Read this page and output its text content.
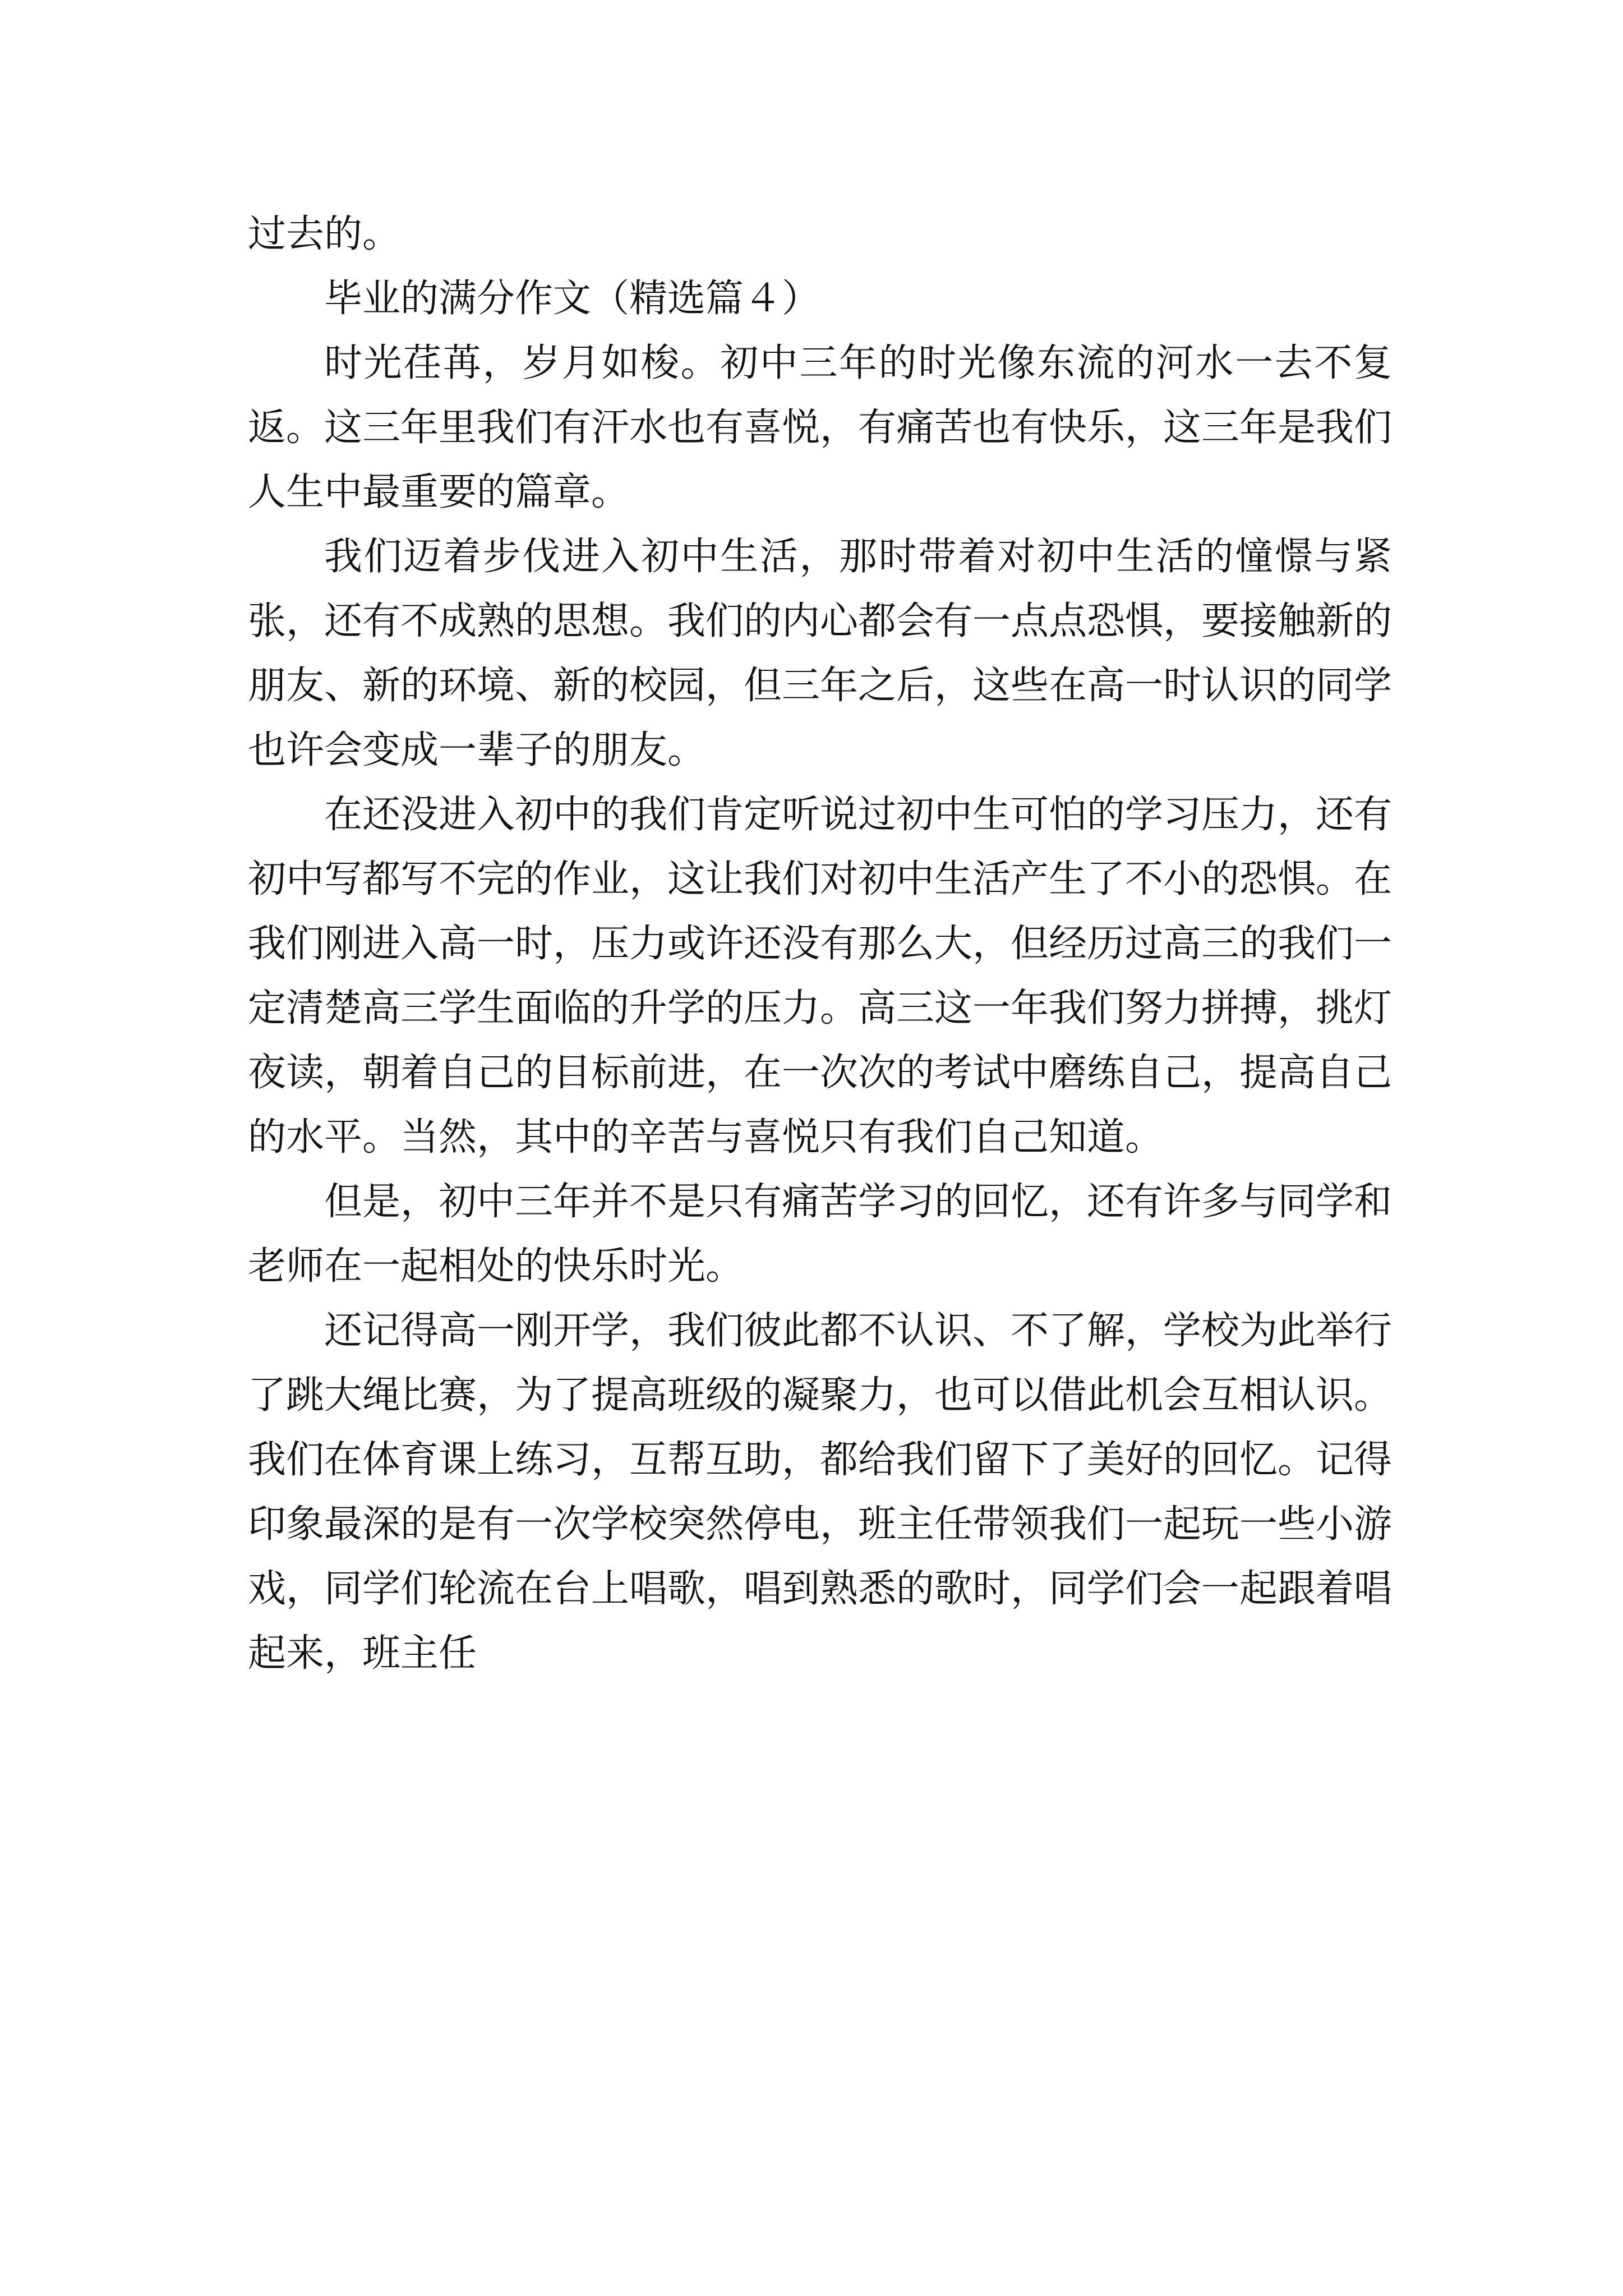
过去的。

毕业的满分作文（精选篇４）

时光荏苒，岁月如梭。初中三年的时光像东流的河水一去不复返。这三年里我们有汗水也有喜悦，有痛苦也有快乐，这三年是我们人生中最重要的篇章。

我们迈着步伐进入初中生活，那时带着对初中生活的憧憬与紧张，还有不成熟的思想。我们的内心都会有一点点恐惧，要接触新的朋友、新的环境、新的校园，但三年之后，这些在高一时认识的同学也许会变成一辈子的朋友。

在还没进入初中的我们肯定听说过初中生可怕的学习压力，还有初中写都写不完的作业，这让我们对初中生活产生了不小的恐惧。在我们刚进入高一时，压力或许还没有那么大，但经历过高三的我们一定清楚高三学生面临的升学的压力。高三这一年我们努力拼搏，挑灯夜读，朝着自己的目标前进，在一次次的考试中磨练自己，提高自己的水平。当然，其中的辛苦与喜悦只有我们自己知道。

但是，初中三年并不是只有痛苦学习的回忆，还有许多与同学和老师在一起相处的快乐时光。

还记得高一刚开学，我们彼此都不认识、不了解，学校为此举行了跳大绳比赛，为了提高班级的凝聚力，也可以借此机会互相认识。我们在体育课上练习，互帮互助，都给我们留下了美好的回忆。记得印象最深的是有一次学校突然停电，班主任带领我们一起玩一些小游戏，同学们轮流在台上唱歌，唱到熟悉的歌时，同学们会一起跟着唱起来，班主任
